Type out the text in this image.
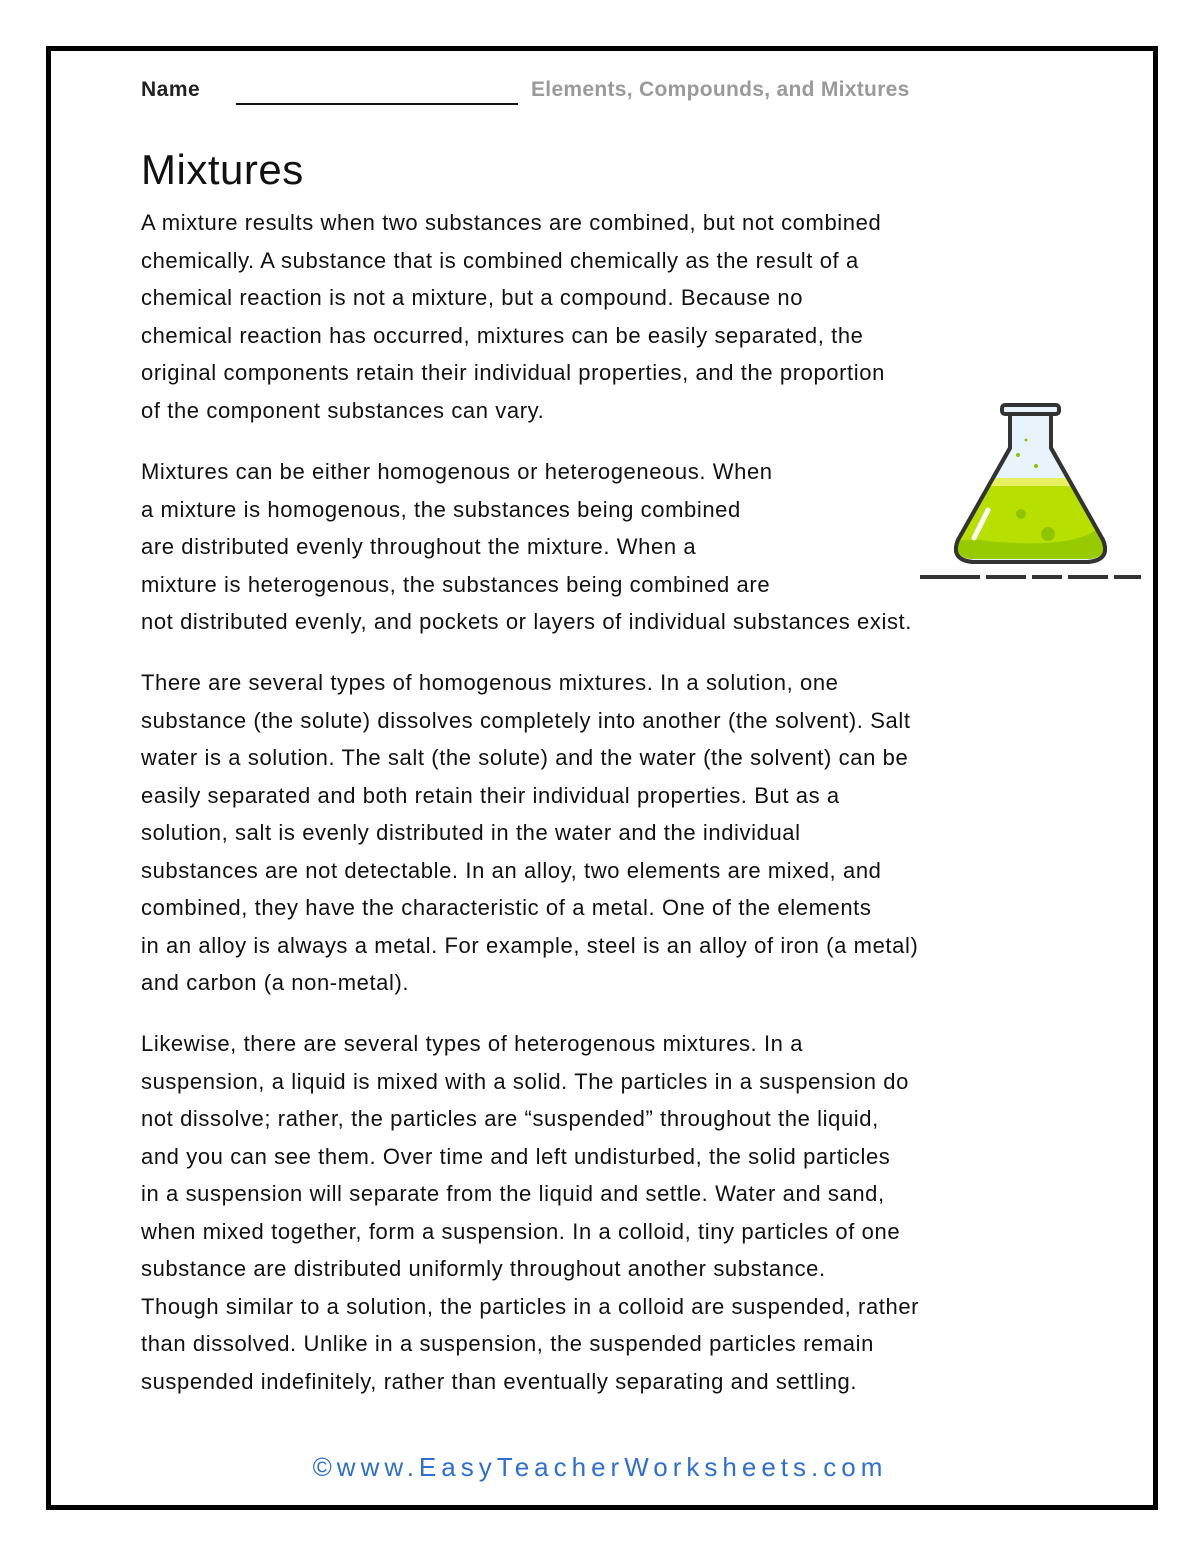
Name	Elements, Compounds, and Mixtures
Mixtures

A mixture results when two substances are combined, but not combined
chemically. A substance that is combined chemically as the result of a
chemical reaction is not a mixture, but a compound. Because no
chemical reaction has occurred, mixtures can be easily separated, the
original components retain their individual properties, and the proportion
of the component substances can vary.

Mixtures can be either homogenous or heterogeneous. When
a mixture is homogenous, the substances being combined
are distributed evenly throughout the mixture. When a
mixture is heterogenous, the substances being combined are
not distributed evenly, and pockets or layers of individual substances exist.

There are several types of homogenous mixtures. In a solution, one
substance (the solute) dissolves completely into another (the solvent). Salt
water is a solution. The salt (the solute) and the water (the solvent) can be
easily separated and both retain their individual properties. But as a
solution, salt is evenly distributed in the water and the individual
substances are not detectable. In an alloy, two elements are mixed, and
combined, they have the characteristic of a metal. One of the elements
in an alloy is always a metal. For example, steel is an alloy of iron (a metal)
and carbon (a non-metal).

Likewise, there are several types of heterogenous mixtures. In a
suspension, a liquid is mixed with a solid. The particles in a suspension do
not dissolve; rather, the particles are “suspended” throughout the liquid,
and you can see them. Over time and left undisturbed, the solid particles
in a suspension will separate from the liquid and settle. Water and sand,
when mixed together, form a suspension. In a colloid, tiny particles of one
substance are distributed uniformly throughout another substance.
Though similar to a solution, the particles in a colloid are suspended, rather
than dissolved. Unlike in a suspension, the suspended particles remain
suspended indefinitely, rather than eventually separating and settling.

©www.EasyTeacherWorksheets.com
